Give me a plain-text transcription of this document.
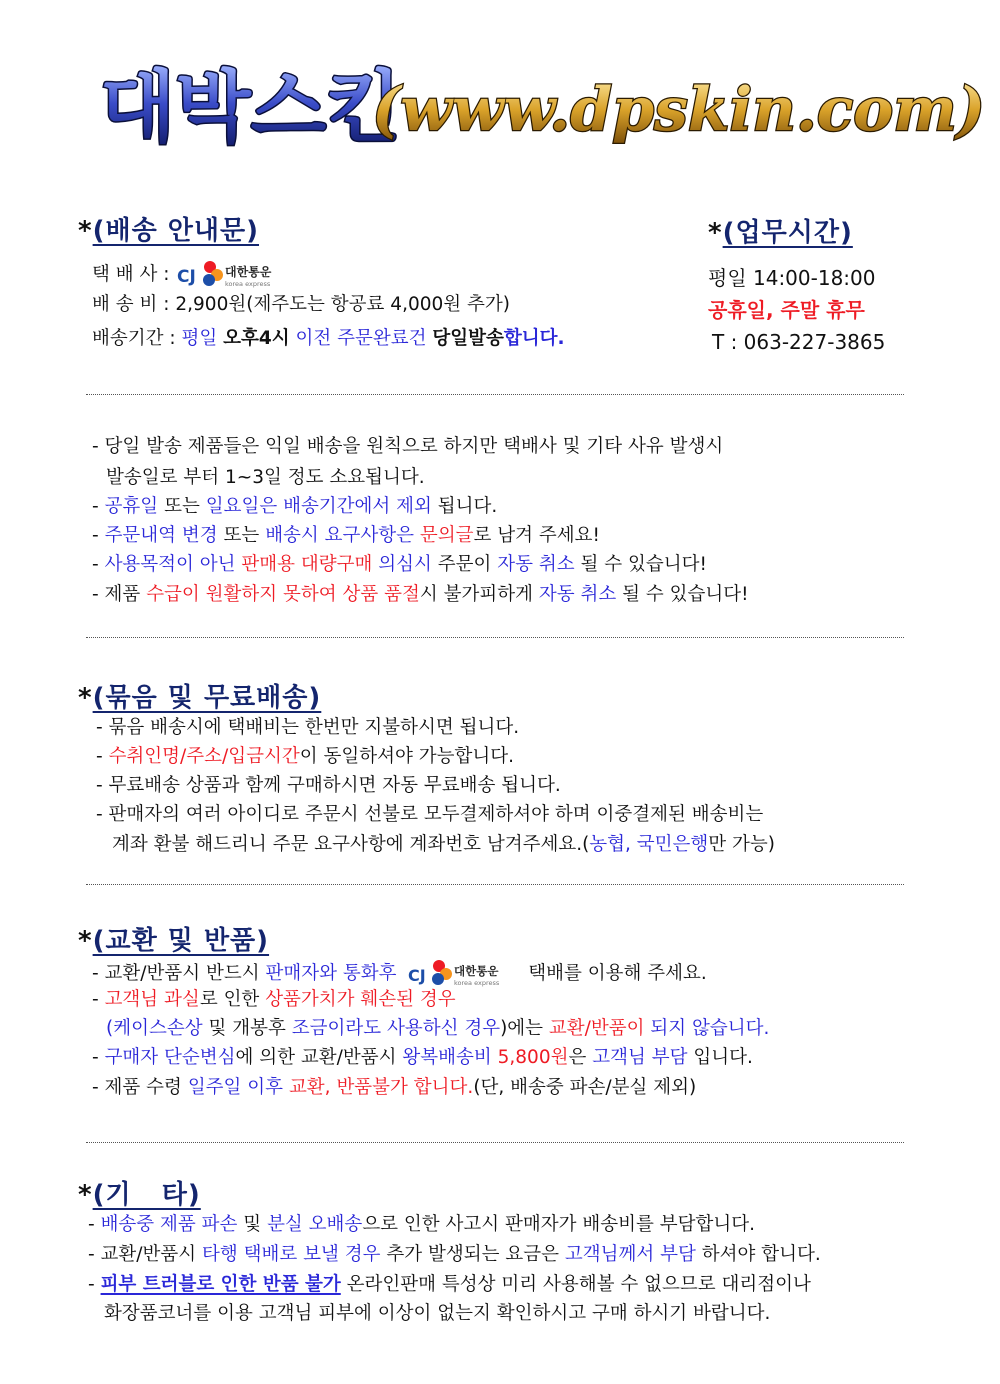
대박스킨
(www.dpskin.com)
*(배송 안내문)	*(업무시간)
평일 14:00-18:00
공휴일, 주말 휴무
T : 063-227-3865
택 배 사 : CJ 대한통운
korea express
배 송 비 : 2,900원(제주도는 항공료 4,000원 추가)
배송기간 : 평일 오후4시 이전 주문완료건 당일발송합니다.
- 당일 발송 제품들은 익일 배송을 원칙으로 하지만 택배사 및 기타 사유 발생시
발송일로 부터 1~3일 정도 소요됩니다.
- 공휴일 또는 일요일은 배송기간에서 제외 됩니다.
- 주문내역 변경 또는 배송시 요구사항은 문의글로 남겨 주세요!
- 사용목적이 아닌 판매용 대량구매 의심시 주문이 자동 취소 될 수 있습니다!
- 제품 수급이 원활하지 못하여 상품 품절시 불가피하게 자동 취소 될 수 있습니다!
*(묶음 및 무료배송)
- 묶음 배송시에 택배비는 한번만 지불하시면 됩니다.
- 수취인명/주소/입금시간이 동일하셔야 가능합니다.
- 무료배송 상품과 함께 구매하시면 자동 무료배송 됩니다.
- 판매자의 여러 아이디로 주문시 선불로 모두결제하셔야 하며 이중결제된 배송비는
계좌 환불 해드리니 주문 요구사항에 계좌번호 남겨주세요.(농협, 국민은행만 가능)
*(교환 및 반품)
- 교환/반품시 반드시 판매자와 통화후 CJ 대한통운
korea express 택배를 이용해 주세요.
- 고객님 과실로 인한 상품가치가 훼손된 경우
(케이스손상 및 개봉후 조금이라도 사용하신 경우)에는 교환/반품이 되지 않습니다.
- 구매자 단순변심에 의한 교환/반품시 왕복배송비 5,800원은 고객님 부담 입니다.
- 제품 수령 일주일 이후 교환, 반품불가 합니다.(단, 배송중 파손/분실 제외)
*(기   타)
- 배송중 제품 파손 및 분실 오배송으로 인한 사고시 판매자가 배송비를 부담합니다.
- 교환/반품시 타행 택배로 보낼 경우 추가 발생되는 요금은 고객님께서 부담 하셔야 합니다.
- 피부 트러블로 인한 반품 불가 온라인판매 특성상 미리 사용해볼 수 없으므로 대리점이나
화장품코너를 이용 고객님 피부에 이상이 없는지 확인하시고 구매 하시기 바랍니다.
